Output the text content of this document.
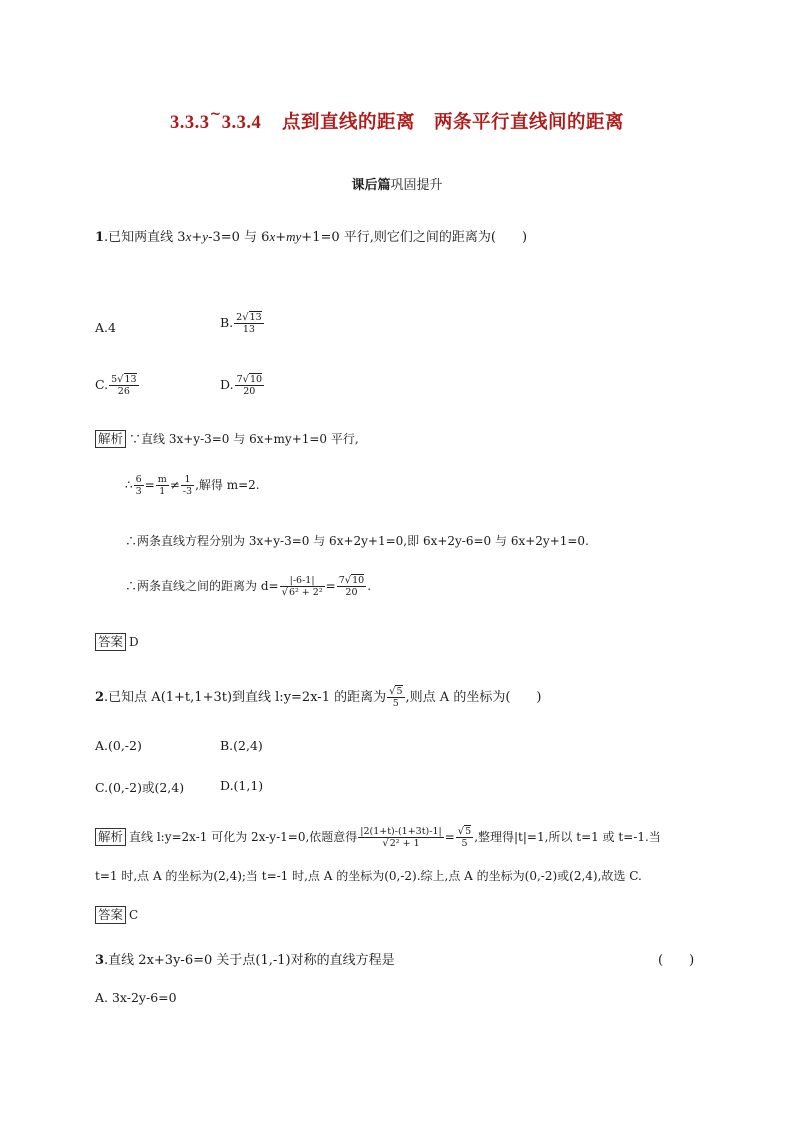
3.3.3~3.3.4 点到直线的距离　两条平行直线间的距离
课后篇巩固提升
1.已知两直线 3x+y-3=0 与 6x+my+1=0 平行,则它们之间的距离为(　　)
A.4	B. $\frac{2√13}{13}$
C. $\frac{5√13}{26}$	D. $\frac{7√10}{20}$
解析 ∵直线 3x+y-3=0 与 6x+my+1=0 平行,
∴ $\frac{6}{3} = \frac{m}{1} \ne \frac{1}{-3}$ ,解得 m=2.
∴两条直线方程分别为 3x+y-3=0 与 6x+2y+1=0,即 6x+2y-6=0 与 6x+2y+1=0.
∴两条直线之间的距离为 $d= \frac{|-6-1|}{\text{√6² + 2²}} = \frac{7√10}{20}$ .
答案 D
2.已知点 A(1+t,1+3t)到直线 l:y=2x-1 的距离为 $\frac{√5}{5}$ ,则点 A 的坐标为(　　)
A.(0,-2)	B.(2,4)
C.(0,-2)或(2,4)	D.(1,1)
解析 直线 l:y=2x-1 可化为 2x-y-1=0,依题意得 $\frac{|2(1+t)-(1+3t)-1|}{\text{√2² + 1}} = \frac{√5}{5}$ ,整理得|t|=1,所以 t=1 或 t=-1.当
t=1 时,点 A 的坐标为(2,4);当 t=-1 时,点 A 的坐标为(0,-2).综上,点 A 的坐标为(0,-2)或(2,4),故选 C.
答案 C
3.直线 2x+3y-6=0 关于点(1,-1)对称的直线方程是	(　　)
A. 3x-2y-6=0
